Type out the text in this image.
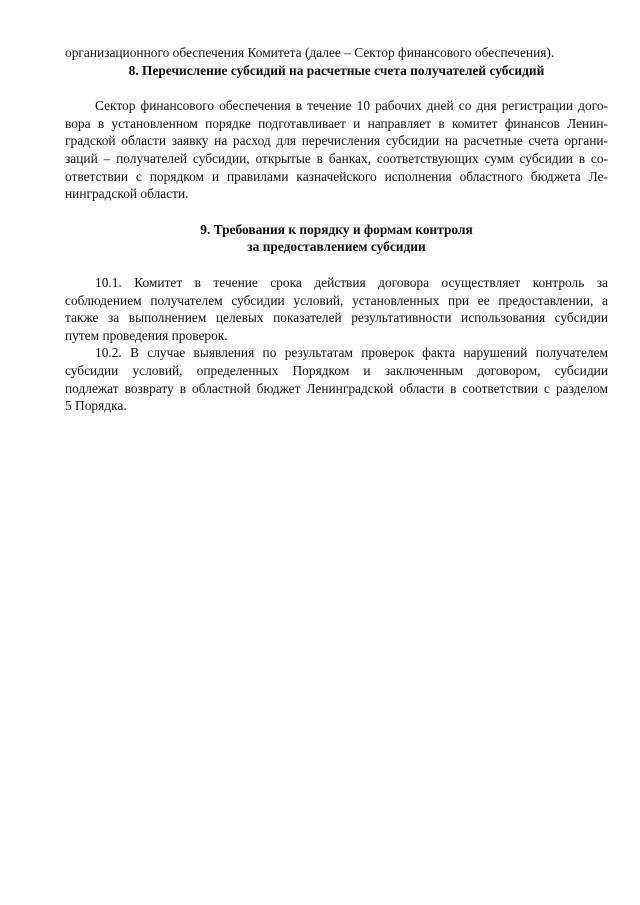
организационного обеспечения Комитета (далее – Сектор финансового обеспечения).
8. Перечисление субсидий на расчетные счета получателей субсидий
Сектор финансового обеспечения в течение 10 рабочих дней со дня регистрации дого-
вора в установленном порядке подготавливает и направляет в комитет финансов Ленин-
градской области заявку на расход для перечисления субсидии на расчетные счета органи-
заций – получателей субсидии, открытые в банках, соответствующих сумм субсидии в со-
ответствии с порядком и правилами казначейского исполнения областного бюджета Ле-
нинградской области.
9. Требования к порядку и формам контроля
за предоставлением субсидии
10.1. Комитет в течение срока действия договора осуществляет контроль за
соблюдением получателем субсидии условий, установленных при ее предоставлении, а
также за выполнением целевых показателей результативности использования субсидии
путем проведения проверок.
10.2. В случае выявления по результатам проверок факта нарушений получателем
субсидии условий, определенных Порядком и заключенным договором, субсидии
подлежат возврату в областной бюджет Ленинградской области в соответствии с разделом
5 Порядка.
